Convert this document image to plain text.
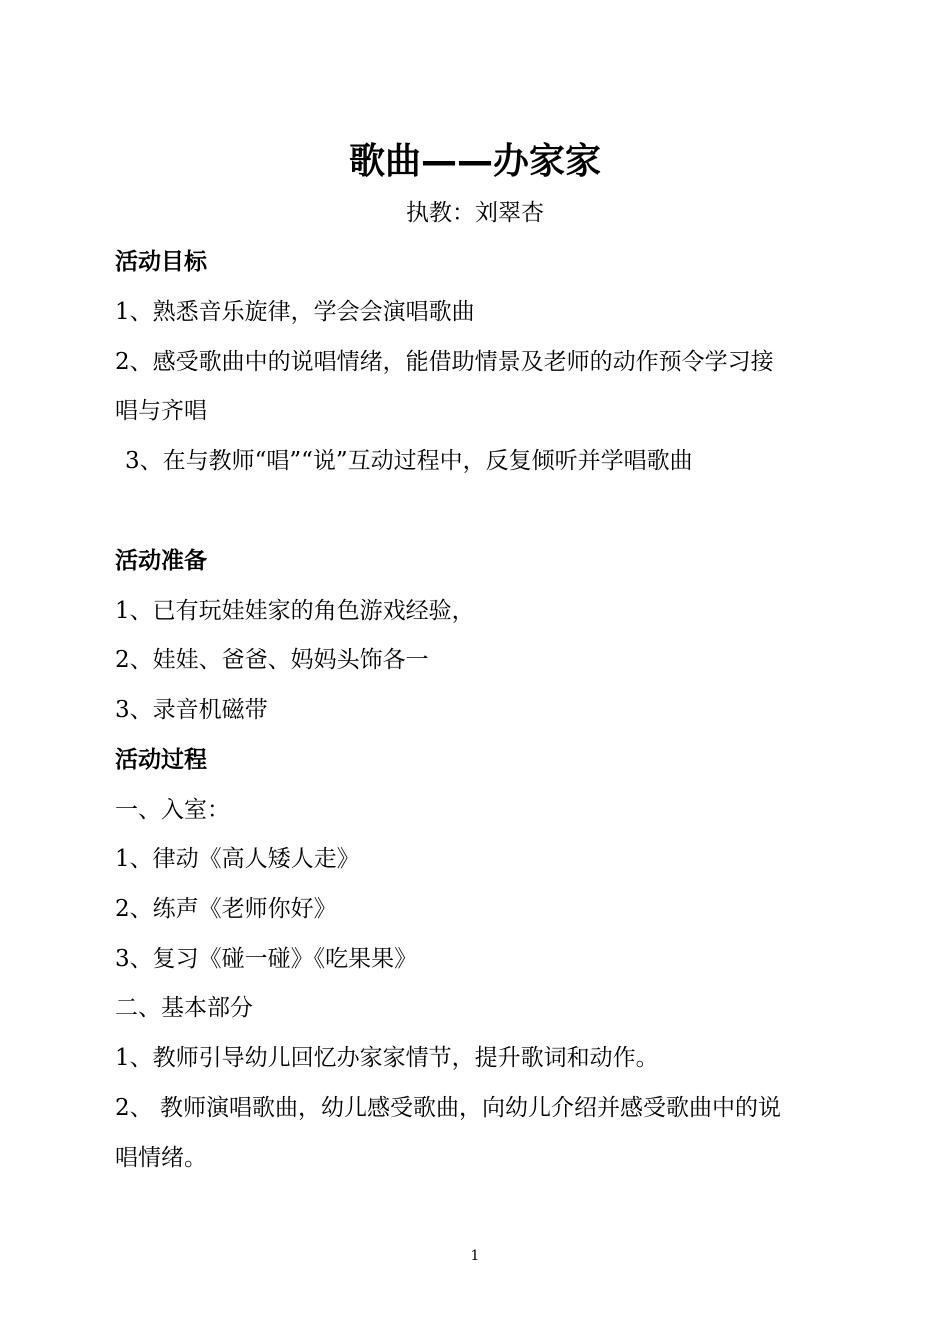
歌曲——办家家
执教：刘翠杏
活动目标
1、熟悉音乐旋律，学会会演唱歌曲
2、感受歌曲中的说唱情绪，能借助情景及老师的动作预令学习接
唱与齐唱
3、在与教师“唱”“说”互动过程中，反复倾听并学唱歌曲
活动准备
1、已有玩娃娃家的角色游戏经验，
2、娃娃、爸爸、妈妈头饰各一
3、录音机磁带
活动过程
一、入室：
1、律动《高人矮人走》
2、练声《老师你好》
3、复习《碰一碰》《吃果果》
二、基本部分
1、教师引导幼儿回忆办家家情节，提升歌词和动作。
2、 教师演唱歌曲，幼儿感受歌曲，向幼儿介绍并感受歌曲中的说
唱情绪。
1
